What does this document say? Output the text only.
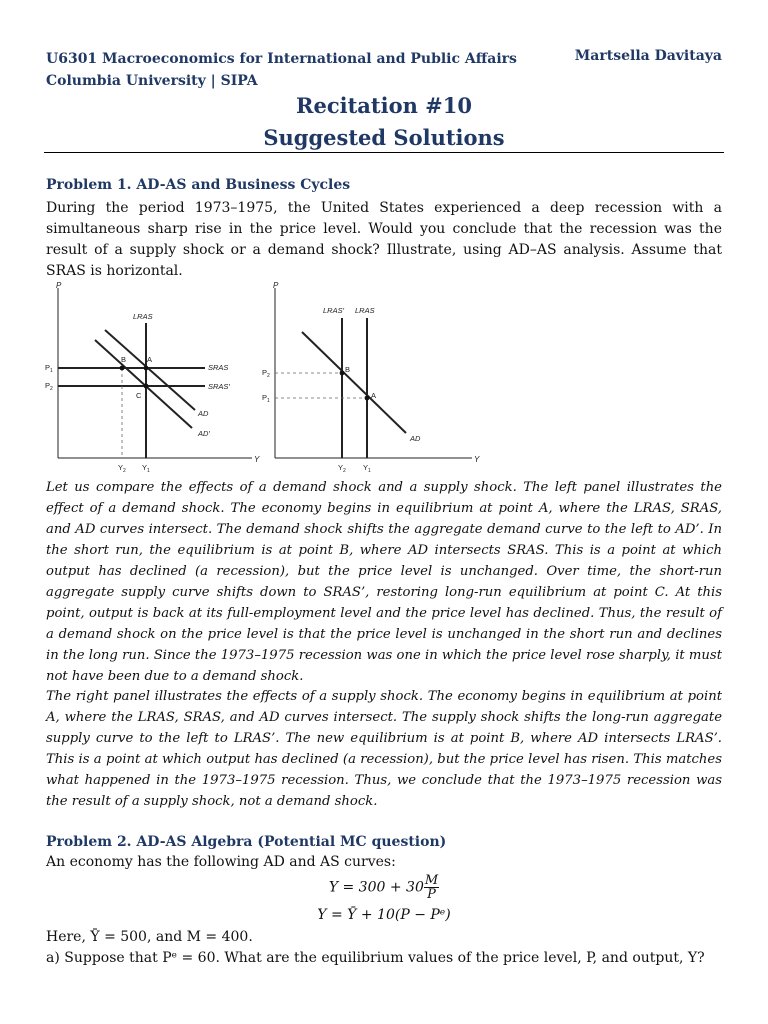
U6301 Macroeconomics for International and Public Affairs
Columbia University | SIPA
Martsella Davitaya
Recitation #10
Suggested Solutions
Problem 1. AD-AS and Business Cycles

During the period 1973–1975, the United States experienced a deep recession with a simultaneous sharp rise in the price level. Would you conclude that the recession was the result of a supply shock or a demand shock? Illustrate, using AD–AS analysis. Assume that SRAS is horizontal.

P
Y
LRAS
SRAS
SRAS′
AD
AD′
B	A
C
$P_1$
$P_2$
$Y_2$ $Y_1$
P
Y
LRAS′ LRAS
AD
B
A
$P_2$
$P_1$
$Y_2$ $Y_1$

Let us compare the effects of a demand shock and a supply shock. The left panel illustrates the effect of a demand shock. The economy begins in equilibrium at point A, where the LRAS, SRAS, and AD curves intersect. The demand shock shifts the aggregate demand curve to the left to AD’. In the short run, the equilibrium is at point B, where AD intersects SRAS. This is a point at which output has declined (a recession), but the price level is unchanged. Over time, the short-run aggregate supply curve shifts down to SRAS’, restoring long-run equilibrium at point C. At this point, output is back at its full-employment level and the price level has declined. Thus, the result of a demand shock on the price level is that the price level is unchanged in the short run and declines in the long run. Since the 1973–1975 recession was one in which the price level rose sharply, it must not have been due to a demand shock.

The right panel illustrates the effects of a supply shock. The economy begins in equilibrium at point A, where the LRAS, SRAS, and AD curves intersect. The supply shock shifts the long-run aggregate supply curve to the left to LRAS’. The new equilibrium is at point B, where AD intersects LRAS’. This is a point at which output has declined (a recession), but the price level has risen. This matches what happened in the 1973–1975 recession. Thus, we conclude that the 1973–1975 recession was the result of a supply shock, not a demand shock.

Problem 2. AD-AS Algebra (Potential MC question)
An economy has the following AD and AS curves:
$Y = 300 + 30 \frac{M}{P}$
Y = Ȳ + 10(P − Pᵉ)
Here, Ȳ = 500, and M = 400.
a) Suppose that Pᵉ = 60. What are the equilibrium values of the price level, P, and output, Y?
